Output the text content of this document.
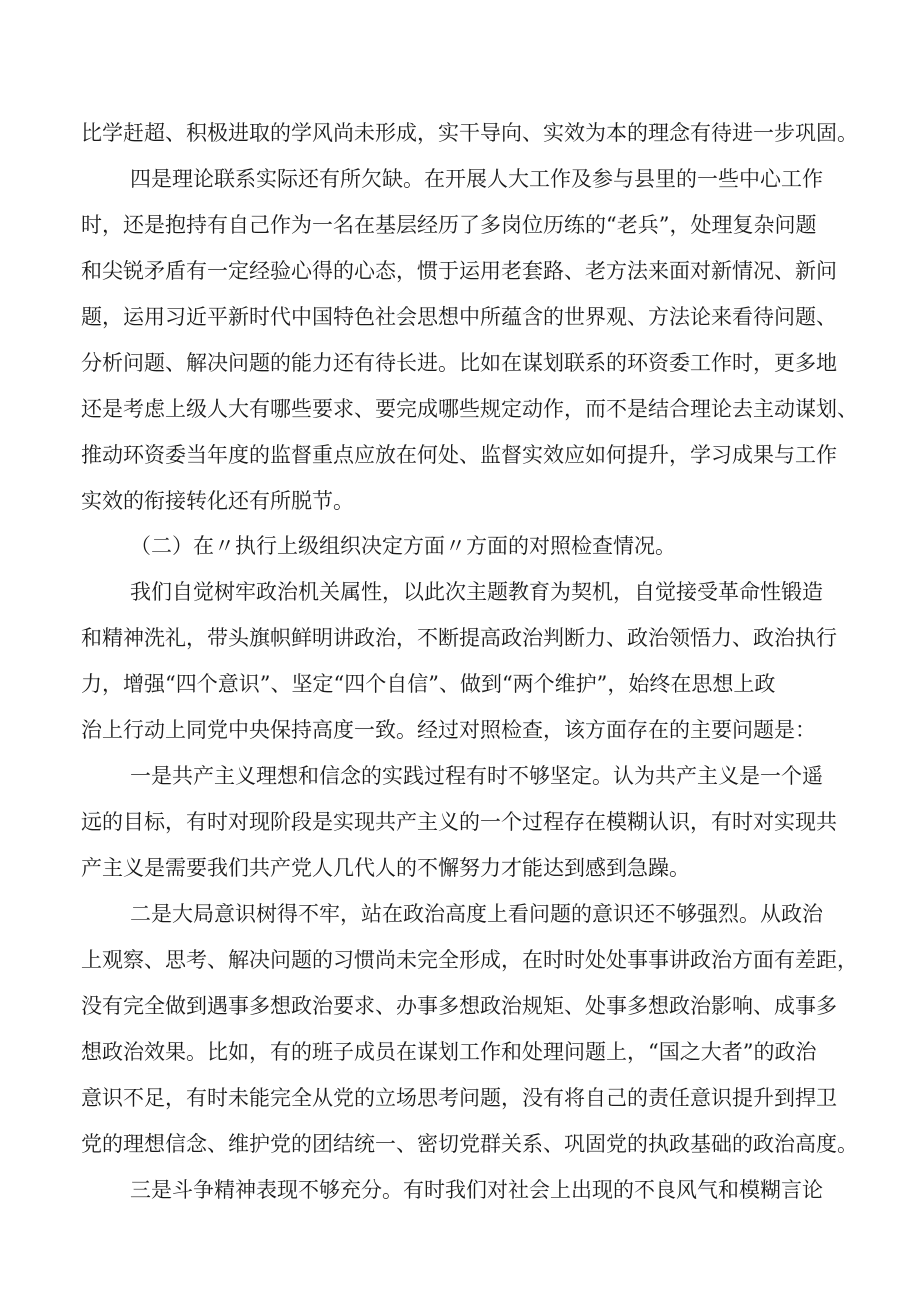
比学赶超、积极进取的学风尚未形成，实干导向、实效为本的理念有待进一步巩固。

四是理论联系实际还有所欠缺。在开展人大工作及参与县里的一些中心工作

时，还是抱持有自己作为一名在基层经历了多岗位历练的“老兵”，处理复杂问题

和尖锐矛盾有一定经验心得的心态，惯于运用老套路、老方法来面对新情况、新问

题，运用习近平新时代中国特色社会思想中所蕴含的世界观、方法论来看待问题、

分析问题、解决问题的能力还有待长进。比如在谋划联系的环资委工作时，更多地

还是考虑上级人大有哪些要求、要完成哪些规定动作，而不是结合理论去主动谋划、

推动环资委当年度的监督重点应放在何处、监督实效应如何提升，学习成果与工作

实效的衔接转化还有所脱节。

（二）在〃执行上级组织决定方面〃方面的对照检查情况。

我们自觉树牢政治机关属性，以此次主题教育为契机，自觉接受革命性锻造

和精神洗礼，带头旗帜鲜明讲政治，不断提高政治判断力、政治领悟力、政治执行

力，增强“四个意识”、坚定“四个自信”、做到“两个维护”，始终在思想上政

治上行动上同党中央保持高度一致。经过对照检查，该方面存在的主要问题是：

一是共产主义理想和信念的实践过程有时不够坚定。认为共产主义是一个遥

远的目标，有时对现阶段是实现共产主义的一个过程存在模糊认识，有时对实现共

产主义是需要我们共产党人几代人的不懈努力才能达到感到急躁。

二是大局意识树得不牢，站在政治高度上看问题的意识还不够强烈。从政治

上观察、思考、解决问题的习惯尚未完全形成，在时时处处事事讲政治方面有差距，

没有完全做到遇事多想政治要求、办事多想政治规矩、处事多想政治影响、成事多

想政治效果。比如，有的班子成员在谋划工作和处理问题上，“国之大者”的政治

意识不足，有时未能完全从党的立场思考问题，没有将自己的责任意识提升到捍卫

党的理想信念、维护党的团结统一、密切党群关系、巩固党的执政基础的政治高度。

三是斗争精神表现不够充分。有时我们对社会上出现的不良风气和模糊言论
